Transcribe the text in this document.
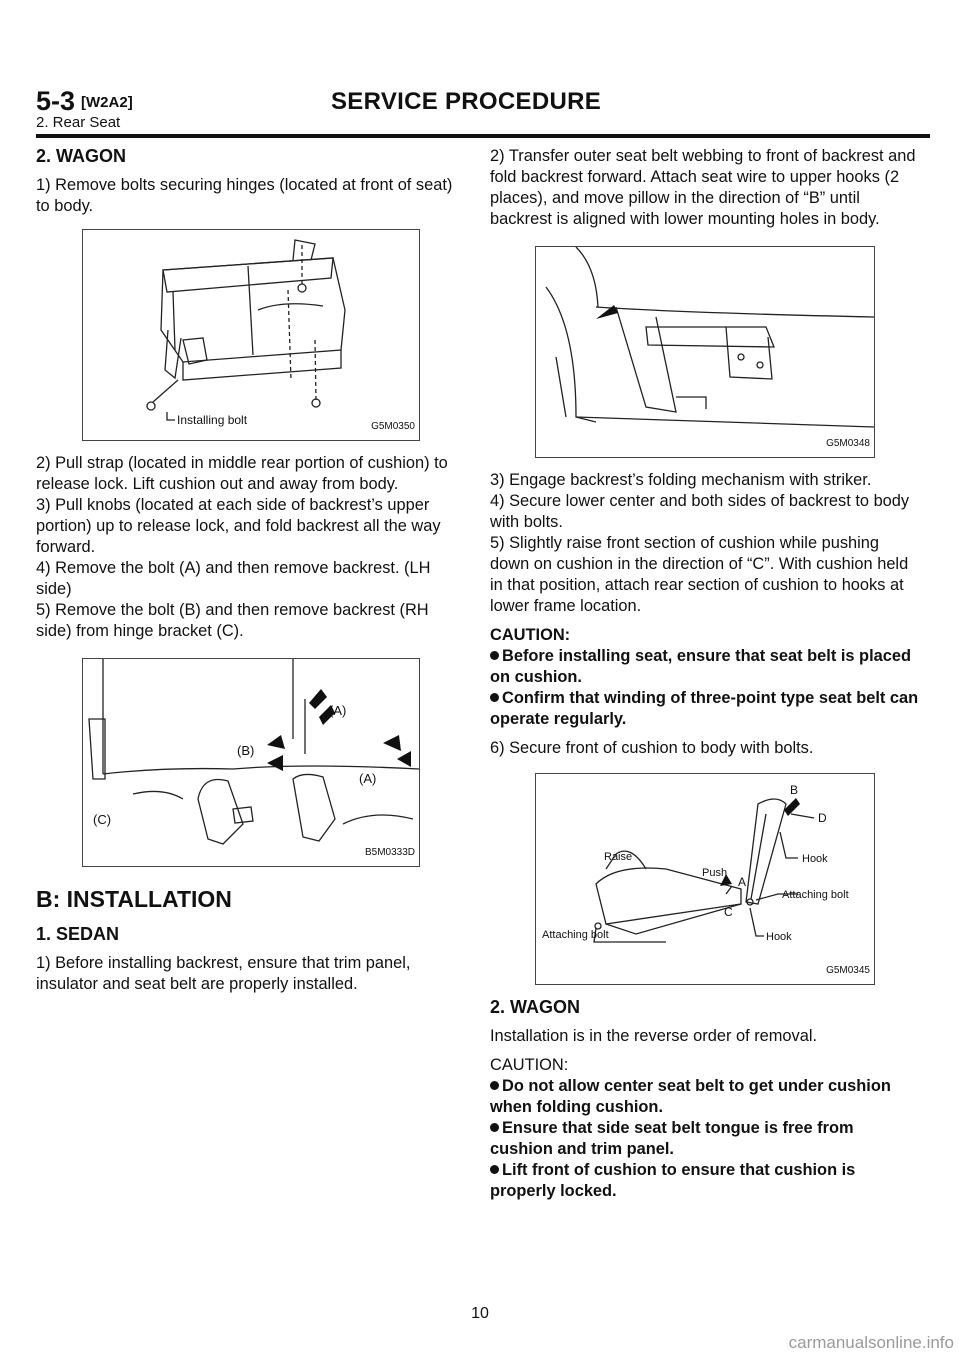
5-3 [W2A2]	SERVICE PROCEDURE
2. Rear Seat
2. WAGON

1) Remove bolts securing hinges (located at front of seat) to body.

Installing bolt	G5M0350

2) Pull strap (located in middle rear portion of cushion) to release lock. Lift cushion out and away from body.

3) Pull knobs (located at each side of backrest’s upper portion) up to release lock, and fold backrest all the way forward.

4) Remove the bolt (A) and then remove backrest. (LH side)

5) Remove the bolt (B) and then remove backrest (RH side) from hinge bracket (C).

(A)
(B)
(A)
(C)
B5M0333D
B: INSTALLATION
1. SEDAN

1) Before installing backrest, ensure that trim panel, insulator and seat belt are properly installed.

2) Transfer outer seat belt webbing to front of backrest and fold backrest forward. Attach seat wire to upper hooks (2 places), and move pillow in the direction of “B” until backrest is aligned with lower mounting holes in body.

G5M0348

3) Engage backrest’s folding mechanism with striker.

4) Secure lower center and both sides of backrest to body with bolts.

5) Slightly raise front section of cushion while pushing down on cushion in the direction of “C”. With cushion held in that position, attach rear section of cushion to hooks at lower frame location.

CAUTION:
Before installing seat, ensure that seat belt is placed on cushion.
Confirm that winding of three-point type seat belt can operate regularly.

6) Secure front of cushion to body with bolts.

B
D
Hook
Raise
Push
A
C
Attaching bolt
Attaching bolt	Hook
G5M0345
2. WAGON

Installation is in the reverse order of removal.

CAUTION:
Do not allow center seat belt to get under cushion when folding cushion.
Ensure that side seat belt tongue is free from cushion and trim panel.
Lift front of cushion to ensure that cushion is properly locked.
10
carmanualsonline.info
